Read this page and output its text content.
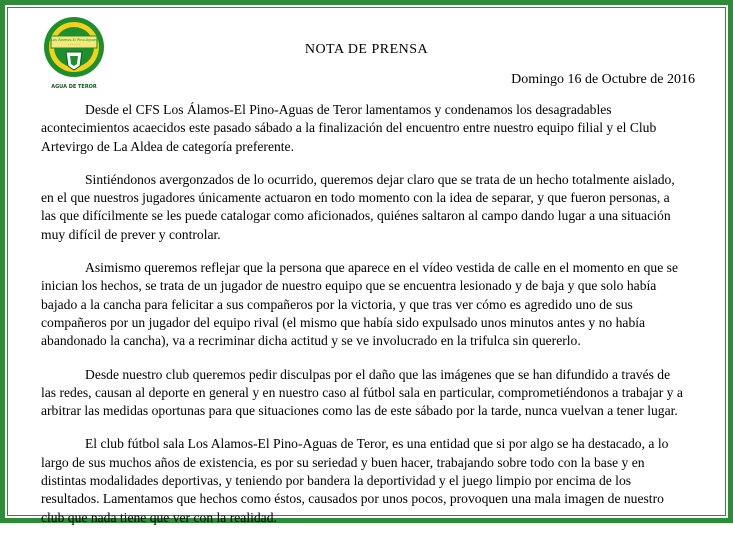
Los Álamos-El Pino-Aguas
· · · · · ·
AGUA DE TEROR
NOTA DE PRENSA
Domingo 16 de Octubre de 2016

Desde el CFS Los Álamos-El Pino-Aguas de Teror lamentamos y condenamos los desagradables
acontecimientos acaecidos este pasado sábado a la finalización del encuentro entre nuestro equipo filial y el Club
Artevirgo de La Aldea de categoría preferente.

Sintiéndonos avergonzados de lo ocurrido, queremos dejar claro que se trata de un hecho totalmente aislado,
en el que nuestros jugadores únicamente actuaron en todo momento con la idea de separar, y que fueron personas, a
las que difícilmente se les puede catalogar como aficionados, quiénes saltaron al campo dando lugar a una situación
muy difícil de prever y controlar.

Asimismo queremos reflejar que la persona que aparece en el vídeo vestida de calle en el momento en que se
inician los hechos, se trata de un jugador de nuestro equipo que se encuentra lesionado y de baja y que solo había
bajado a la cancha para felicitar a sus compañeros por la victoria, y que tras ver cómo es agredido uno de sus
compañeros por un jugador del equipo rival (el mismo que había sido expulsado unos minutos antes y no había
abandonado la cancha), va a recriminar dicha actitud y se ve involucrado en la trifulca sin quererlo.

Desde nuestro club queremos pedir disculpas por el daño que las imágenes que se han difundido a través de
las redes, causan al deporte en general y en nuestro caso al fútbol sala en particular, comprometiéndonos a trabajar y a
arbitrar las medidas oportunas para que situaciones como las de este sábado por la tarde, nunca vuelvan a tener lugar.

El club fútbol sala Los Alamos-El Pino-Aguas de Teror, es una entidad que si por algo se ha destacado, a lo
largo de sus muchos años de existencia, es por su seriedad y buen hacer, trabajando sobre todo con la base y en
distintas modalidades deportivas, y teniendo por bandera la deportividad y el juego limpio por encima de los
resultados. Lamentamos que hechos como éstos, causados por unos pocos, provoquen una mala imagen de nuestro
club que nada tiene que ver con la realidad.
